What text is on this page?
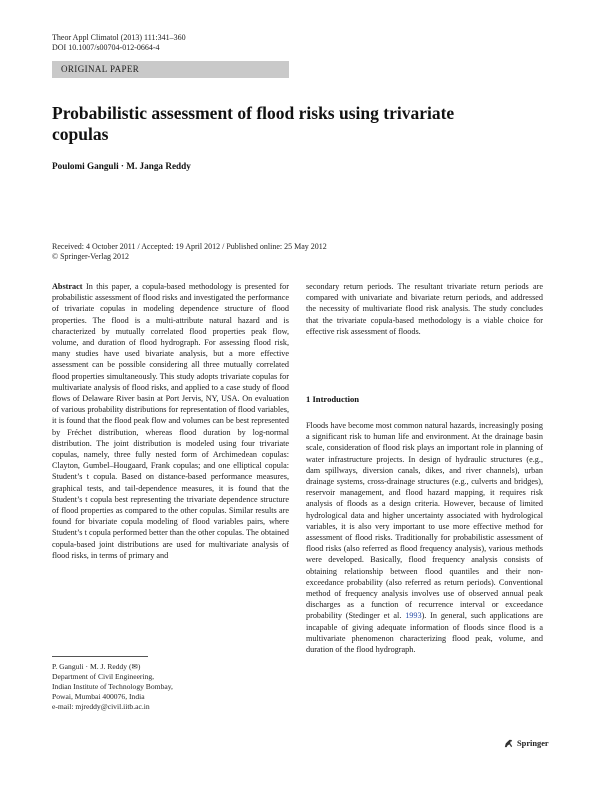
Theor Appl Climatol (2013) 111:341–360
DOI 10.1007/s00704-012-0664-4
ORIGINAL PAPER
Probabilistic assessment of flood risks using trivariate copulas
Poulomi Ganguli · M. Janga Reddy
Received: 4 October 2011 / Accepted: 19 April 2012 / Published online: 25 May 2012
© Springer-Verlag 2012
Abstract In this paper, a copula-based methodology is presented for probabilistic assessment of flood risks and investigated the performance of trivariate copulas in modeling dependence structure of flood properties. The flood is a multi-attribute natural hazard and is characterized by mutually correlated flood properties peak flow, volume, and duration of flood hydrograph. For assessing flood risk, many studies have used bivariate analysis, but a more effective assessment can be possible considering all three mutually correlated flood properties simultaneously. This study adopts trivariate copulas for multivariate analysis of flood risks, and applied to a case study of flood flows of Delaware River basin at Port Jervis, NY, USA. On evaluation of various probability distributions for representation of flood variables, it is found that the flood peak flow and volumes can be best represented by Fréchet distribution, whereas flood duration by log-normal distribution. The joint distribution is modeled using four trivariate copulas, namely, three fully nested form of Archimedean copulas: Clayton, Gumbel–Hougaard, Frank copulas; and one elliptical copula: Student’s t copula. Based on distance-based performance measures, graphical tests, and tail-dependence measures, it is found that the Student’s t copula best representing the trivariate dependence structure of flood properties as compared to the other copulas. Similar results are found for bivariate copula modeling of flood variables pairs, where Student’s t copula performed better than the other copulas. The obtained copula-based joint distributions are used for multivariate analysis of flood risks, in terms of primary and
secondary return periods. The resultant trivariate return periods are compared with univariate and bivariate return periods, and addressed the necessity of multivariate flood risk analysis. The study concludes that the trivariate copula-based methodology is a viable choice for effective risk assessment of floods.
1 Introduction
Floods have become most common natural hazards, increasingly posing a significant risk to human life and environment. At the drainage basin scale, consideration of flood risk plays an important role in planning of water infrastructure projects. In design of hydraulic structures (e.g., dam spillways, diversion canals, dikes, and river channels), urban drainage systems, cross-drainage structures (e.g., culverts and bridges), reservoir management, and flood hazard mapping, it requires risk analysis of floods as a design criteria. However, because of limited hydrological data and higher uncertainty associated with hydrological variables, it is also very important to use more effective method for assessment of flood risks. Traditionally for probabilistic assessment of flood risks (also referred as flood frequency analysis), various methods were developed. Basically, flood frequency analysis consists of obtaining relationship between flood quantiles and their non-exceedance probability (also referred as return periods). Conventional method of frequency analysis involves use of observed annual peak discharges as a function of recurrence interval or exceedance probability (Stedinger et al. 1993). In general, such applications are incapable of giving adequate information of floods since flood is a multivariate phenomenon characterizing flood peak, volume, and duration of the flood hydrograph.
P. Ganguli · M. J. Reddy (✉)
Department of Civil Engineering,
Indian Institute of Technology Bombay,
Powai, Mumbai 400076, India
e-mail: mjreddy@civil.iitb.ac.in
Springer
